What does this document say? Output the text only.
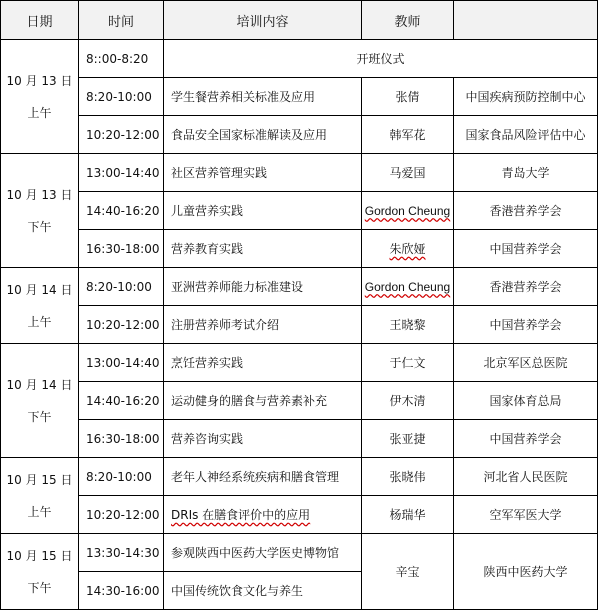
日期	时间	培训内容	教师	

10 月 13 日
上午	8::00-8:20	开班仪式		
	8:20-10:00	学生餐营养相关标准及应用	张倩	中国疾病预防控制中心
	10:20-12:00	食品安全国家标准解读及应用	韩军花	国家食品风险评估中心

10 月 13 日
下午	13:00-14:40	社区营养管理实践	马爱国	青岛大学
	14:40-16:20	儿童营养实践	Gordon Cheung	香港营养学会
	16:30-18:00	营养教育实践	朱欣娅	中国营养学会

10 月 14 日
上午	8:20-10:00	亚洲营养师能力标准建设	Gordon Cheung	香港营养学会
	10:20-12:00	注册营养师考试介绍	王晓黎	中国营养学会

10 月 14 日
下午	13:00-14:40	烹饪营养实践	于仁文	北京军区总医院
	14:40-16:20	运动健身的膳食与营养素补充	伊木清	国家体育总局
	16:30-18:00	营养咨询实践	张亚捷	中国营养学会

10 月 15 日
上午	8:20-10:00	老年人神经系统疾病和膳食管理	张晓伟	河北省人民医院
	10:20-12:00	DRIs 在膳食评价中的应用	杨瑞华	空军军医大学

10 月 15 日
下午	13:30-14:30	参观陕西中医药大学医史博物馆	辛宝	陕西中医药大学
	14:30-16:00	中国传统饮食文化与养生		
